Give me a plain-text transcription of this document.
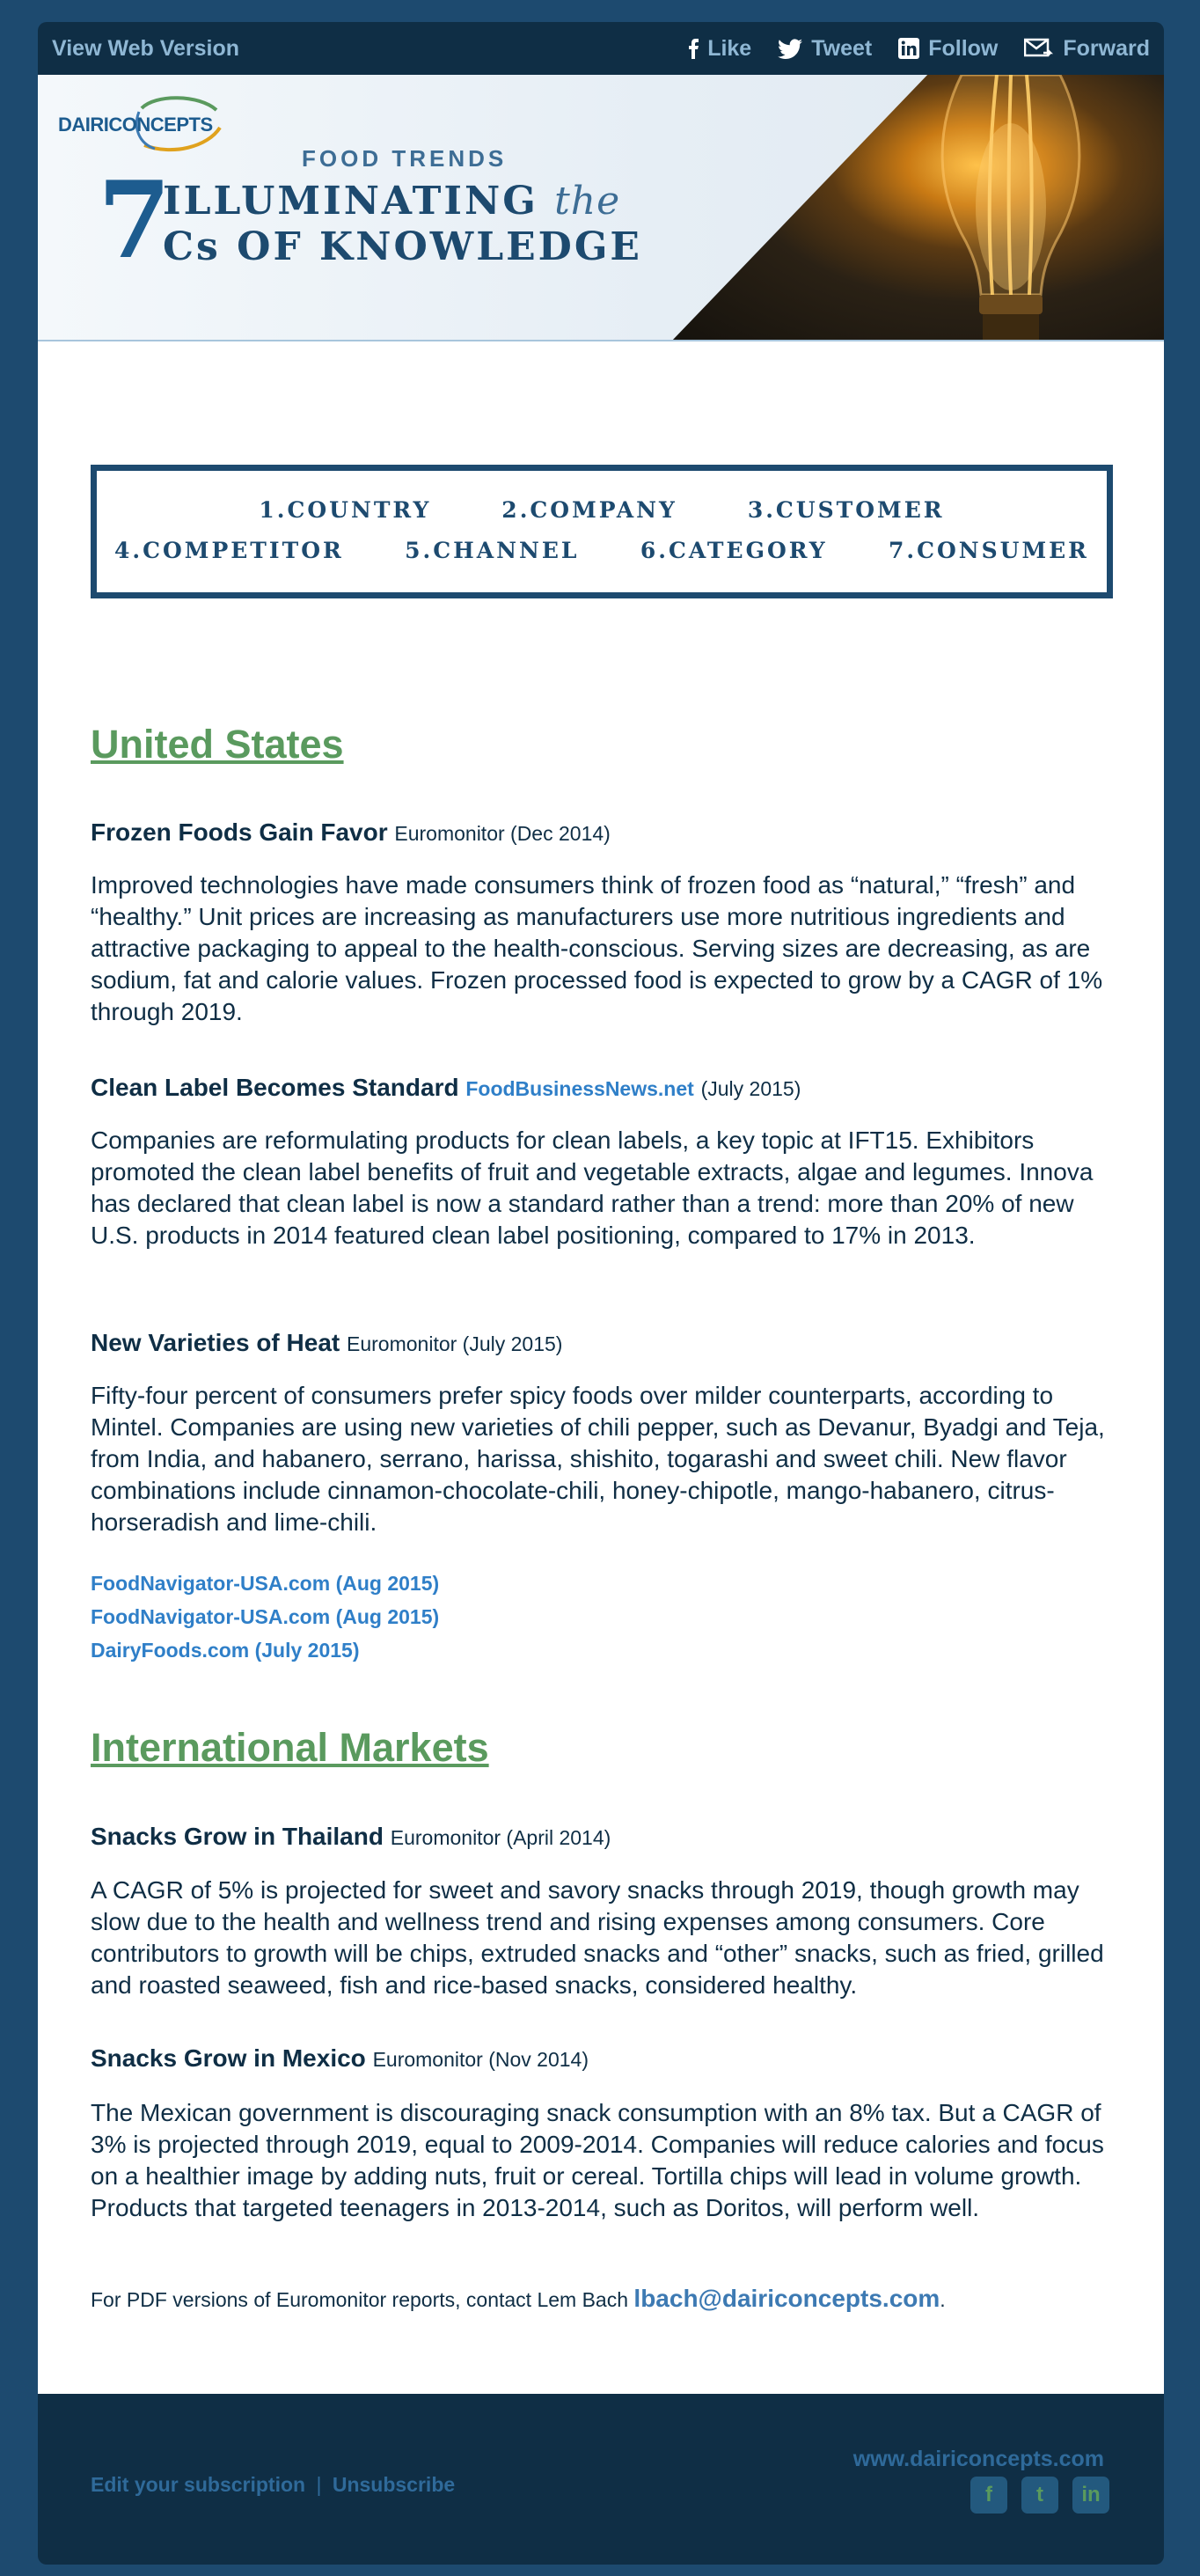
View Web Version	Like	Tweet	Follow	Forward
DAIRICONCEPTS
FOOD TRENDS
7
ILLUMINATING the
Cs OF KNOWLEDGE
1.COUNTRY	2.COMPANY	3.CUSTOMER
4.COMPETITOR	5.CHANNEL	6.CATEGORY	7.CONSUMER
United States
Frozen Foods Gain Favor Euromonitor (Dec 2014)
Improved technologies have made consumers think of frozen food as “natural,” “fresh” and “healthy.” Unit prices are increasing as manufacturers use more nutritious ingredients and attractive packaging to appeal to the health-conscious. Serving sizes are decreasing, as are sodium, fat and calorie values. Frozen processed food is expected to grow by a CAGR of 1% through 2019.
Clean Label Becomes Standard FoodBusinessNews.net (July 2015)
Companies are reformulating products for clean labels, a key topic at IFT15. Exhibitors promoted the clean label benefits of fruit and vegetable extracts, algae and legumes. Innova has declared that clean label is now a standard rather than a trend: more than 20% of new U.S. products in 2014 featured clean label positioning, compared to 17% in 2013.
New Varieties of Heat Euromonitor (July 2015)
Fifty-four percent of consumers prefer spicy foods over milder counterparts, according to Mintel. Companies are using new varieties of chili pepper, such as Devanur, Byadgi and Teja, from India, and habanero, serrano, harissa, shishito, togarashi and sweet chili. New flavor combinations include cinnamon-chocolate-chili, honey-chipotle, mango-habanero, citrus-horseradish and lime-chili.
FoodNavigator-USA.com (Aug 2015)
FoodNavigator-USA.com (Aug 2015)
DairyFoods.com (July 2015)
International Markets
Snacks Grow in Thailand Euromonitor (April 2014)
A CAGR of 5% is projected for sweet and savory snacks through 2019, though growth may slow due to the health and wellness trend and rising expenses among consumers. Core contributors to growth will be chips, extruded snacks and “other” snacks, such as fried, grilled and roasted seaweed, fish and rice-based snacks, considered healthy.
Snacks Grow in Mexico Euromonitor (Nov 2014)
The Mexican government is discouraging snack consumption with an 8% tax. But a CAGR of 3% is projected through 2019, equal to 2009-2014. Companies will reduce calories and focus on a healthier image by adding nuts, fruit or cereal. Tortilla chips will lead in volume growth. Products that targeted teenagers in 2013-2014, such as Doritos, will perform well.
For PDF versions of Euromonitor reports, contact Lem Bach lbach@dairiconcepts.com.
Edit your subscription | Unsubscribe
www.dairiconcepts.com
f	t	in
